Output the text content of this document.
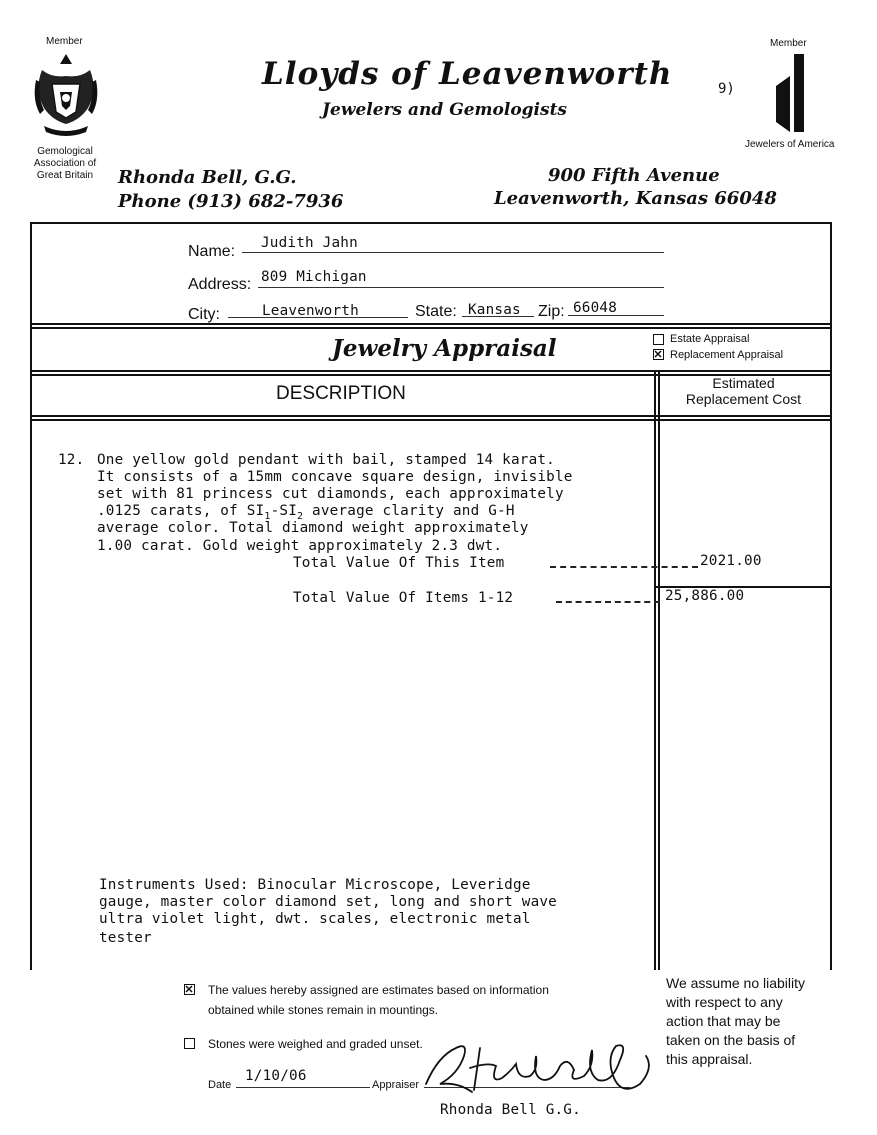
Member
Gemological
Association of
Great Britain
Lloyds of Leavenworth
Jewelers and Gemologists
9)
Member
Jewelers of America
Rhonda Bell, G.G.
Phone (913) 682-7936
900 Fifth Avenue
Leavenworth, Kansas 66048
Name: Judith Jahn
Address: 809 Michigan
City:	Leavenworth	State: Kansas Zip: 66048
Jewelry Appraisal	Estate Appraisal
Replacement Appraisal
DESCRIPTION	Estimated
Replacement Cost
12. One yellow gold pendant with bail, stamped 14 karat.
It consists of a 15mm concave square design, invisible
set with 81 princess cut diamonds, each approximately
.0125 carats, of $SI_1-SI_2$ average clarity and G-H
average color. Total diamond weight approximately
1.00 carat. Gold weight approximately 2.3 dwt.
Total Value Of This Item	2021.00
Total Value Of Items 1-12	25,886.00
Instruments Used: Binocular Microscope, Leveridge
gauge, master color diamond set, long and short wave
ultra violet light, dwt. scales, electronic metal
tester
The values hereby assigned are estimates based on information
obtained while stones remain in mountings.
Stones were weighed and graded unset.
We assume no liability
with respect to any
action that may be
taken on the basis of
this appraisal.
Date
1/10/06
Appraiser
Rhonda Bell G.G.
